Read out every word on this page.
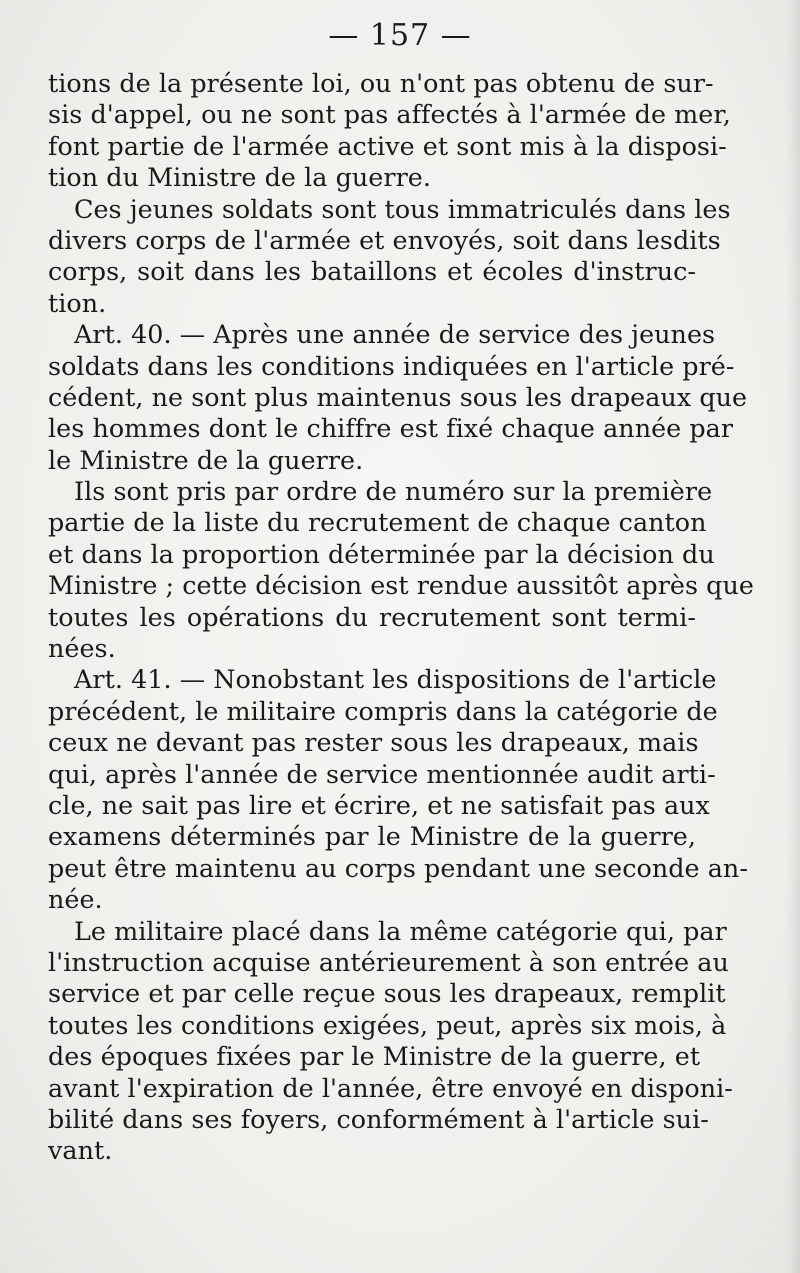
— 157 —
tions de la présente loi, ou n'ont pas obtenu de sur-
sis d'appel, ou ne sont pas affectés à l'armée de mer,
font partie de l'armée active et sont mis à la disposi-
tion du Ministre de la guerre.
Ces jeunes soldats sont tous immatriculés dans les
divers corps de l'armée et envoyés, soit dans lesdits
corps, soit dans les bataillons et écoles d'instruc-
tion.
Art. 40. — Après une année de service des jeunes
soldats dans les conditions indiquées en l'article pré-
cédent, ne sont plus maintenus sous les drapeaux que
les hommes dont le chiffre est fixé chaque année par
le Ministre de la guerre.
Ils sont pris par ordre de numéro sur la première
partie de la liste du recrutement de chaque canton
et dans la proportion déterminée par la décision du
Ministre ; cette décision est rendue aussitôt après que
toutes les opérations du recrutement sont termi-
nées.
Art. 41. — Nonobstant les dispositions de l'article
précédent, le militaire compris dans la catégorie de
ceux ne devant pas rester sous les drapeaux, mais
qui, après l'année de service mentionnée audit arti-
cle, ne sait pas lire et écrire, et ne satisfait pas aux
examens déterminés par le Ministre de la guerre,
peut être maintenu au corps pendant une seconde an-
née.
Le militaire placé dans la même catégorie qui, par
l'instruction acquise antérieurement à son entrée au
service et par celle reçue sous les drapeaux, remplit
toutes les conditions exigées, peut, après six mois, à
des époques fixées par le Ministre de la guerre, et
avant l'expiration de l'année, être envoyé en disponi-
bilité dans ses foyers, conformément à l'article sui-
vant.
